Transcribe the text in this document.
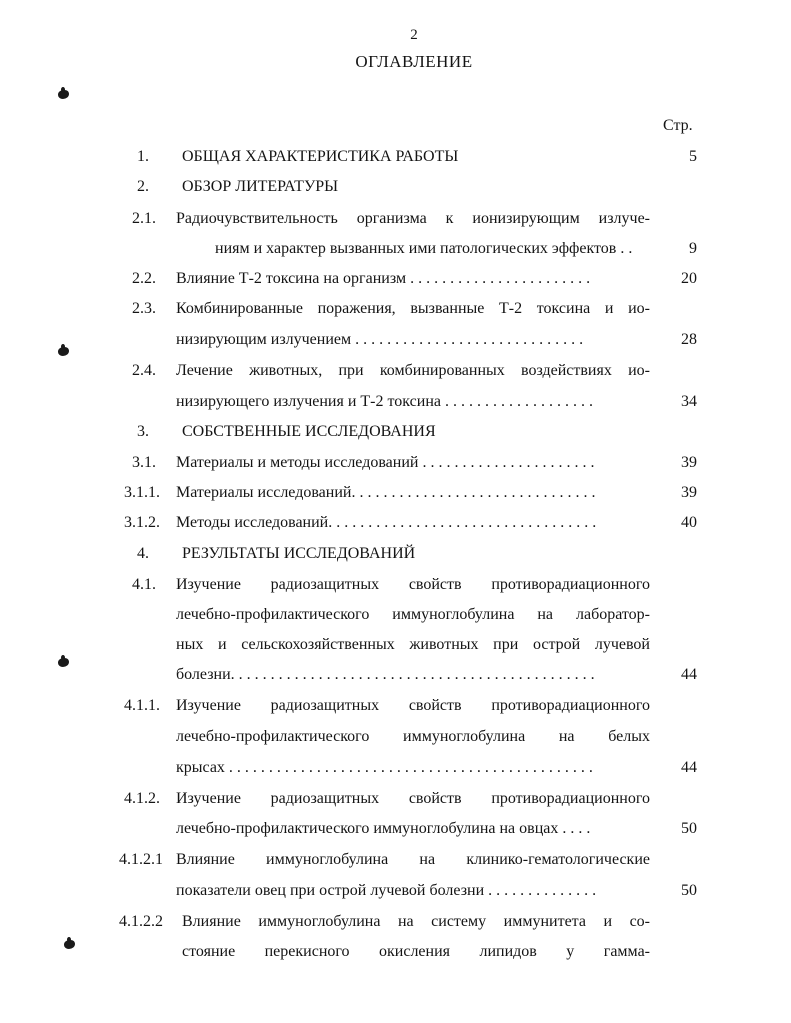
2
ОГЛАВЛЕНИЕ
Стр.
1. ОБЩАЯ ХАРАКТЕРИСТИКА РАБОТЫ	5
2. ОБЗОР ЛИТЕРАТУРЫ
2.1. Радиочувствительность организма к ионизирующим излуче-
ниям и характер вызванных ими патологических эффектов . .	9
2.2. Влияние Т-2 токсина на организм . . . . . . . . . . . . . . . . . . . . . . .	20
2.3. Комбинированные поражения, вызванные Т-2 токсина и ио-
низирующим излучением . . . . . . . . . . . . . . . . . . . . . . . . . . . . .	28
2.4. Лечение животных, при комбинированных воздействиях ио-
низирующего излучения и Т-2 токсина . . . . . . . . . . . . . . . . . . .	34
3. СОБСТВЕННЫЕ ИССЛЕДОВАНИЯ
3.1. Материалы и методы исследований . . . . . . . . . . . . . . . . . . . . . .	39
3.1.1. Материалы исследований. . . . . . . . . . . . . . . . . . . . . . . . . . . . . . .	39
3.1.2. Методы исследований. . . . . . . . . . . . . . . . . . . . . . . . . . . . . . . . . .	40
4. РЕЗУЛЬТАТЫ ИССЛЕДОВАНИЙ
4.1. Изучение радиозащитных свойств противорадиационного
лечебно-профилактического иммуноглобулина на лаборатор-
ных и сельскохозяйственных животных при острой лучевой
болезни. . . . . . . . . . . . . . . . . . . . . . . . . . . . . . . . . . . . . . . . . . . . . .	44
4.1.1. Изучение радиозащитных свойств противорадиационного
лечебно-профилактического иммуноглобулина на белых
крысах . . . . . . . . . . . . . . . . . . . . . . . . . . . . . . . . . . . . . . . . . . . . . .	44
4.1.2. Изучение радиозащитных свойств противорадиационного
лечебно-профилактического иммуноглобулина на овцах . . . .	50
4.1.2.1 Влияние иммуноглобулина на клинико-гематологические
показатели овец при острой лучевой болезни . . . . . . . . . . . . . .	50
4.1.2.2 Влияние иммуноглобулина на систему иммунитета и со-
стояние перекисного окисления липидов у гамма-
